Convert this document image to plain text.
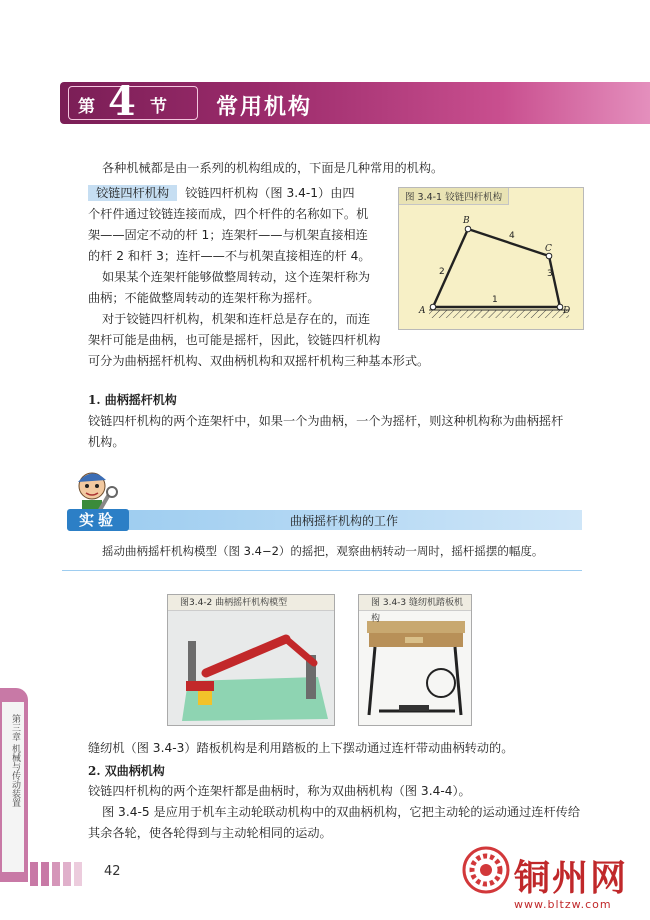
第 4 节 常用机构
各种机械都是由一系列的机构组成的，下面是几种常用的机构。
铰链四杆机构 铰链四杆机构（图 3.4-1）由四
个杆件通过铰链连接而成，四个杆件的名称如下。机
架——固定不动的杆 1；连架杆——与机架直接相连
的杆 2 和杆 3；连杆——不与机架直接相连的杆 4。
如果某个连架杆能够做整周转动，这个连架杆称为
曲柄；不能做整周转动的连架杆称为摇杆。
对于铰链四杆机构，机架和连杆总是存在的，而连
架杆可能是曲柄，也可能是摇杆，因此，铰链四杆机构
可分为曲柄摇杆机构、双曲柄机构和双摇杆机构三种基本形式。
A
B
C
D
1
2	3
4
图 3.4-1 铰链四杆机构
1. 曲柄摇杆机构
铰链四杆机构的两个连架杆中，如果一个为曲柄，一个为摇杆，则这种机构称为曲柄摇杆
机构。
实验	曲柄摇杆机构的工作
摇动曲柄摇杆机构模型（图 3.4−2）的摇把，观察曲柄转动一周时，摇杆摇摆的幅度。
图3.4-2 曲柄摇杆机构模型	图 3.4-3 缝纫机踏板机构
缝纫机（图 3.4-3）踏板机构是利用踏板的上下摆动通过连杆带动曲柄转动的。
2. 双曲柄机构
铰链四杆机构的两个连架杆都是曲柄时，称为双曲柄机构（图 3.4-4）。
图 3.4-5 是应用于机车主动轮联动机构中的双曲柄机构，它把主动轮的运动通过连杆传给
其余各轮，使各轮得到与主动轮相同的运动。
第三章 机械与传动装置
42	铜州网
www.bltzw.com
